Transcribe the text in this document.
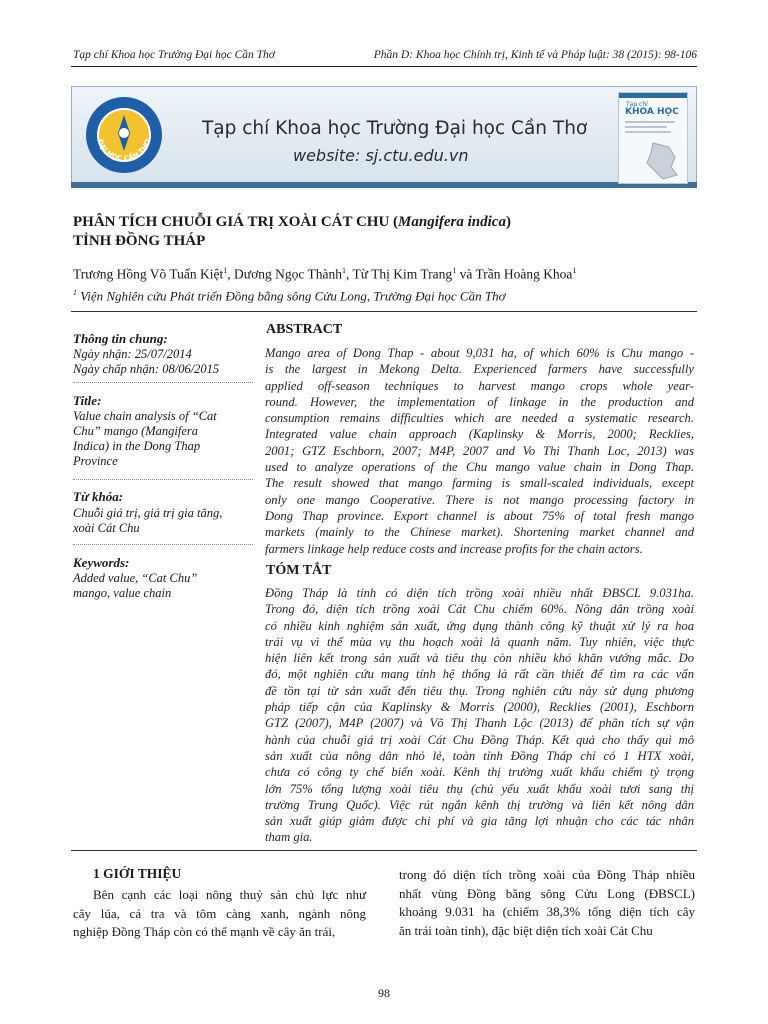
Tạp chí Khoa học Trường Đại học Cần Thơ	Phần D: Khoa học Chính trị, Kinh tế và Pháp luật: 38 (2015): 98-106
ĐẠI HỌC CẦN THƠ
Tạp chí Khoa học Trường Đại học Cần Thơ
website: sj.ctu.edu.vn
Tạp chí
KHOA HỌC
PHÂN TÍCH CHUỖI GIÁ TRỊ XOÀI CÁT CHU (Mangifera indica)
TỈNH ĐỒNG THÁP
Trương Hồng Võ Tuấn Kiệt$^1$, Dương Ngọc Thành$^1$, Từ Thị Kim Trang$^1$ và Trần Hoàng Khoa$^1$
$^1$ Viện Nghiên cứu Phát triển Đồng bằng sông Cửu Long, Trường Đại học Cần Thơ
Thông tin chung:
Ngày nhận: 25/07/2014
Ngày chấp nhận: 08/06/2015
Title:
Value chain analysis of “Cat
Chu” mango (Mangifera
Indica) in the Dong Thap
Province
Từ khóa:
Chuỗi giá trị, giá trị gia tăng,
xoài Cát Chu
Keywords:
Added value, “Cat Chu”
mango, value chain
ABSTRACT
Mango area of Dong Thap - about 9,031 ha, of which 60% is Chu mango -
is the largest in Mekong Delta. Experienced farmers have successfully
applied off-season techniques to harvest mango crops whole year-
round. However, the implementation of linkage in the production and
consumption remains difficulties which are needed a systematic research.
Integrated value chain approach (Kaplinsky & Morris, 2000; Recklies,
2001; GTZ Eschborn, 2007; M4P, 2007 and Vo Thi Thanh Loc, 2013) was
used to analyze operations of the Chu mango value chain in Dong Thap.
The result showed that mango farming is small-scaled individuals, except
only one mango Cooperative. There is not mango processing factory in
Dong Thap province. Export channel is about 75% of total fresh mango
markets (mainly to the Chinese market). Shortening market channel and
farmers linkage help reduce costs and increase profits for the chain actors.
TÓM TẮT
Đồng Tháp là tỉnh có diện tích trồng xoài nhiều nhất ĐBSCL 9.031ha.
Trong đó, diện tích trồng xoài Cát Chu chiếm 60%. Nông dân trồng xoài
có nhiều kinh nghiệm sản xuất, ứng dụng thành công kỹ thuật xử lý ra hoa
trái vụ vì thế mùa vụ thu hoạch xoài là quanh năm. Tuy nhiên, việc thực
hiện liên kết trong sản xuất và tiêu thụ còn nhiều khó khăn vướng mắc. Do
đó, một nghiên cứu mang tính hệ thống là rất cần thiết để tìm ra các vấn
đề tồn tại từ sản xuất đến tiêu thụ. Trong nghiên cứu này sử dụng phương
pháp tiếp cận của Kaplinsky & Morris (2000), Recklies (2001), Eschborn
GTZ (2007), M4P (2007) và Võ Thị Thanh Lộc (2013) để phân tích sự vận
hành của chuỗi giá trị xoài Cát Chu Đồng Tháp. Kết quả cho thấy qui mô
sản xuất của nông dân nhỏ lẻ, toàn tỉnh Đồng Tháp chỉ có 1 HTX xoài,
chưa có công ty chế biến xoài. Kênh thị trường xuất khẩu chiếm tỷ trọng
lớn 75% tổng lượng xoài tiêu thụ (chủ yếu xuất khẩu xoài tươi sang thị
trường Trung Quốc). Việc rút ngắn kênh thị trường và liên kết nông dân
sản xuất giúp giảm được chi phí và gia tăng lợi nhuận cho các tác nhân
tham gia.
1 GIỚI THIỆU
Bên cạnh các loại nông thuỷ sản chủ lực như
cây lúa, cá tra và tôm càng xanh, ngành nông
nghiệp Đồng Tháp còn có thế mạnh về cây ăn trái,
trong đó diện tích trồng xoài của Đồng Tháp nhiều
nhất vùng Đồng bằng sông Cửu Long (ĐBSCL)
khoảng 9.031 ha (chiếm 38,3% tổng diện tích cây
ăn trái toàn tỉnh), đặc biệt diện tích xoài Cát Chu
98
